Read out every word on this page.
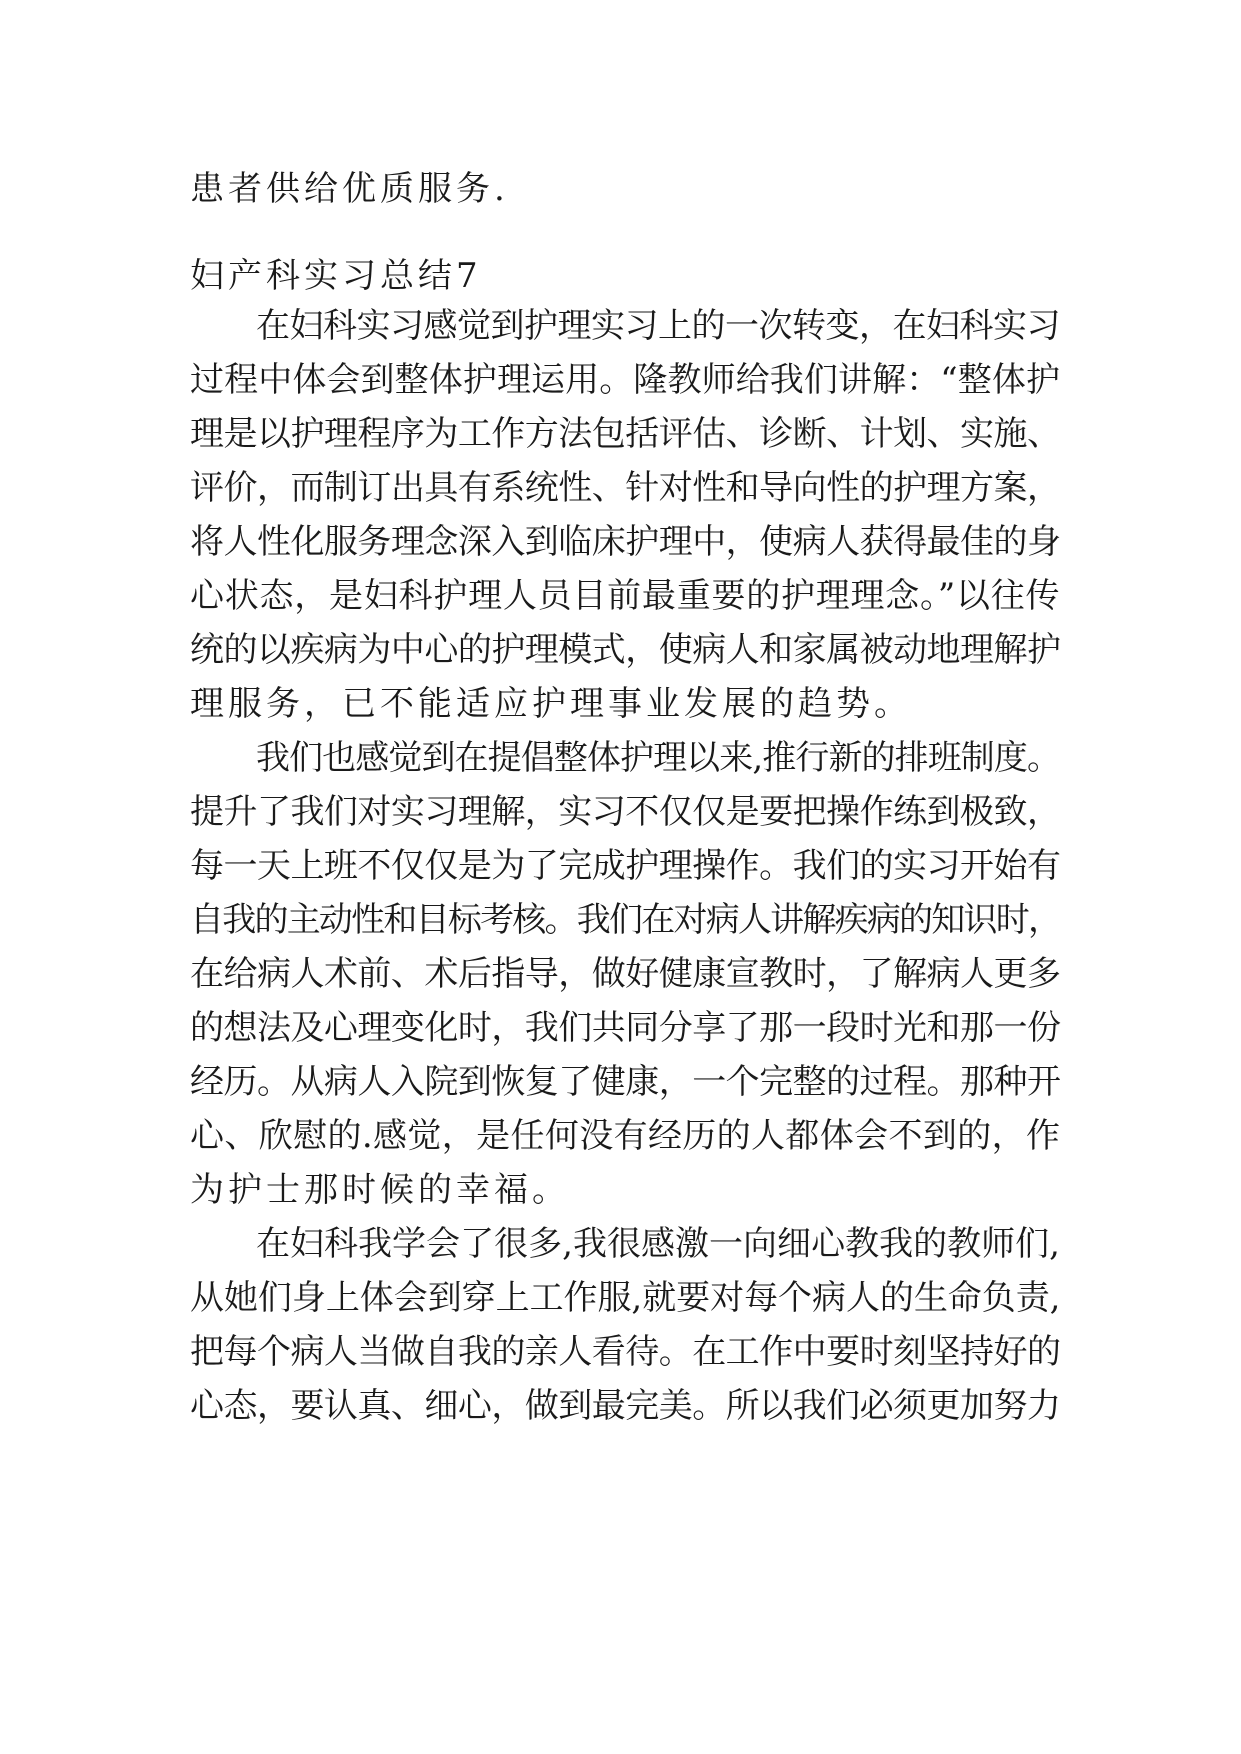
患者供给优质服务.
妇产科实习总结7
在妇科实习感觉到护理实习上的一次转变，在妇科实习
过程中体会到整体护理运用。隆教师给我们讲解：“整体护
理是以护理程序为工作方法包括评估、诊断、计划、实施、
评价，而制订出具有系统性、针对性和导向性的护理方案，
将人性化服务理念深入到临床护理中，使病人获得最佳的身
心状态，是妇科护理人员目前最重要的护理理念。”以往传
统的以疾病为中心的护理模式，使病人和家属被动地理解护
理服务，已不能适应护理事业发展的趋势。
我们也感觉到在提倡整体护理以来,推行新的排班制度。
提升了我们对实习理解，实习不仅仅是要把操作练到极致，
每一天上班不仅仅是为了完成护理操作。我们的实习开始有
自我的主动性和目标考核。我们在对病人讲解疾病的知识时，
在给病人术前、术后指导，做好健康宣教时，了解病人更多
的想法及心理变化时，我们共同分享了那一段时光和那一份
经历。从病人入院到恢复了健康，一个完整的过程。那种开
心、欣慰的.感觉，是任何没有经历的人都体会不到的，作
为护士那时候的幸福。
在妇科我学会了很多,我很感激一向细心教我的教师们,
从她们身上体会到穿上工作服,就要对每个病人的生命负责,
把每个病人当做自我的亲人看待。在工作中要时刻坚持好的
心态，要认真、细心，做到最完美。所以我们必须更加努力
